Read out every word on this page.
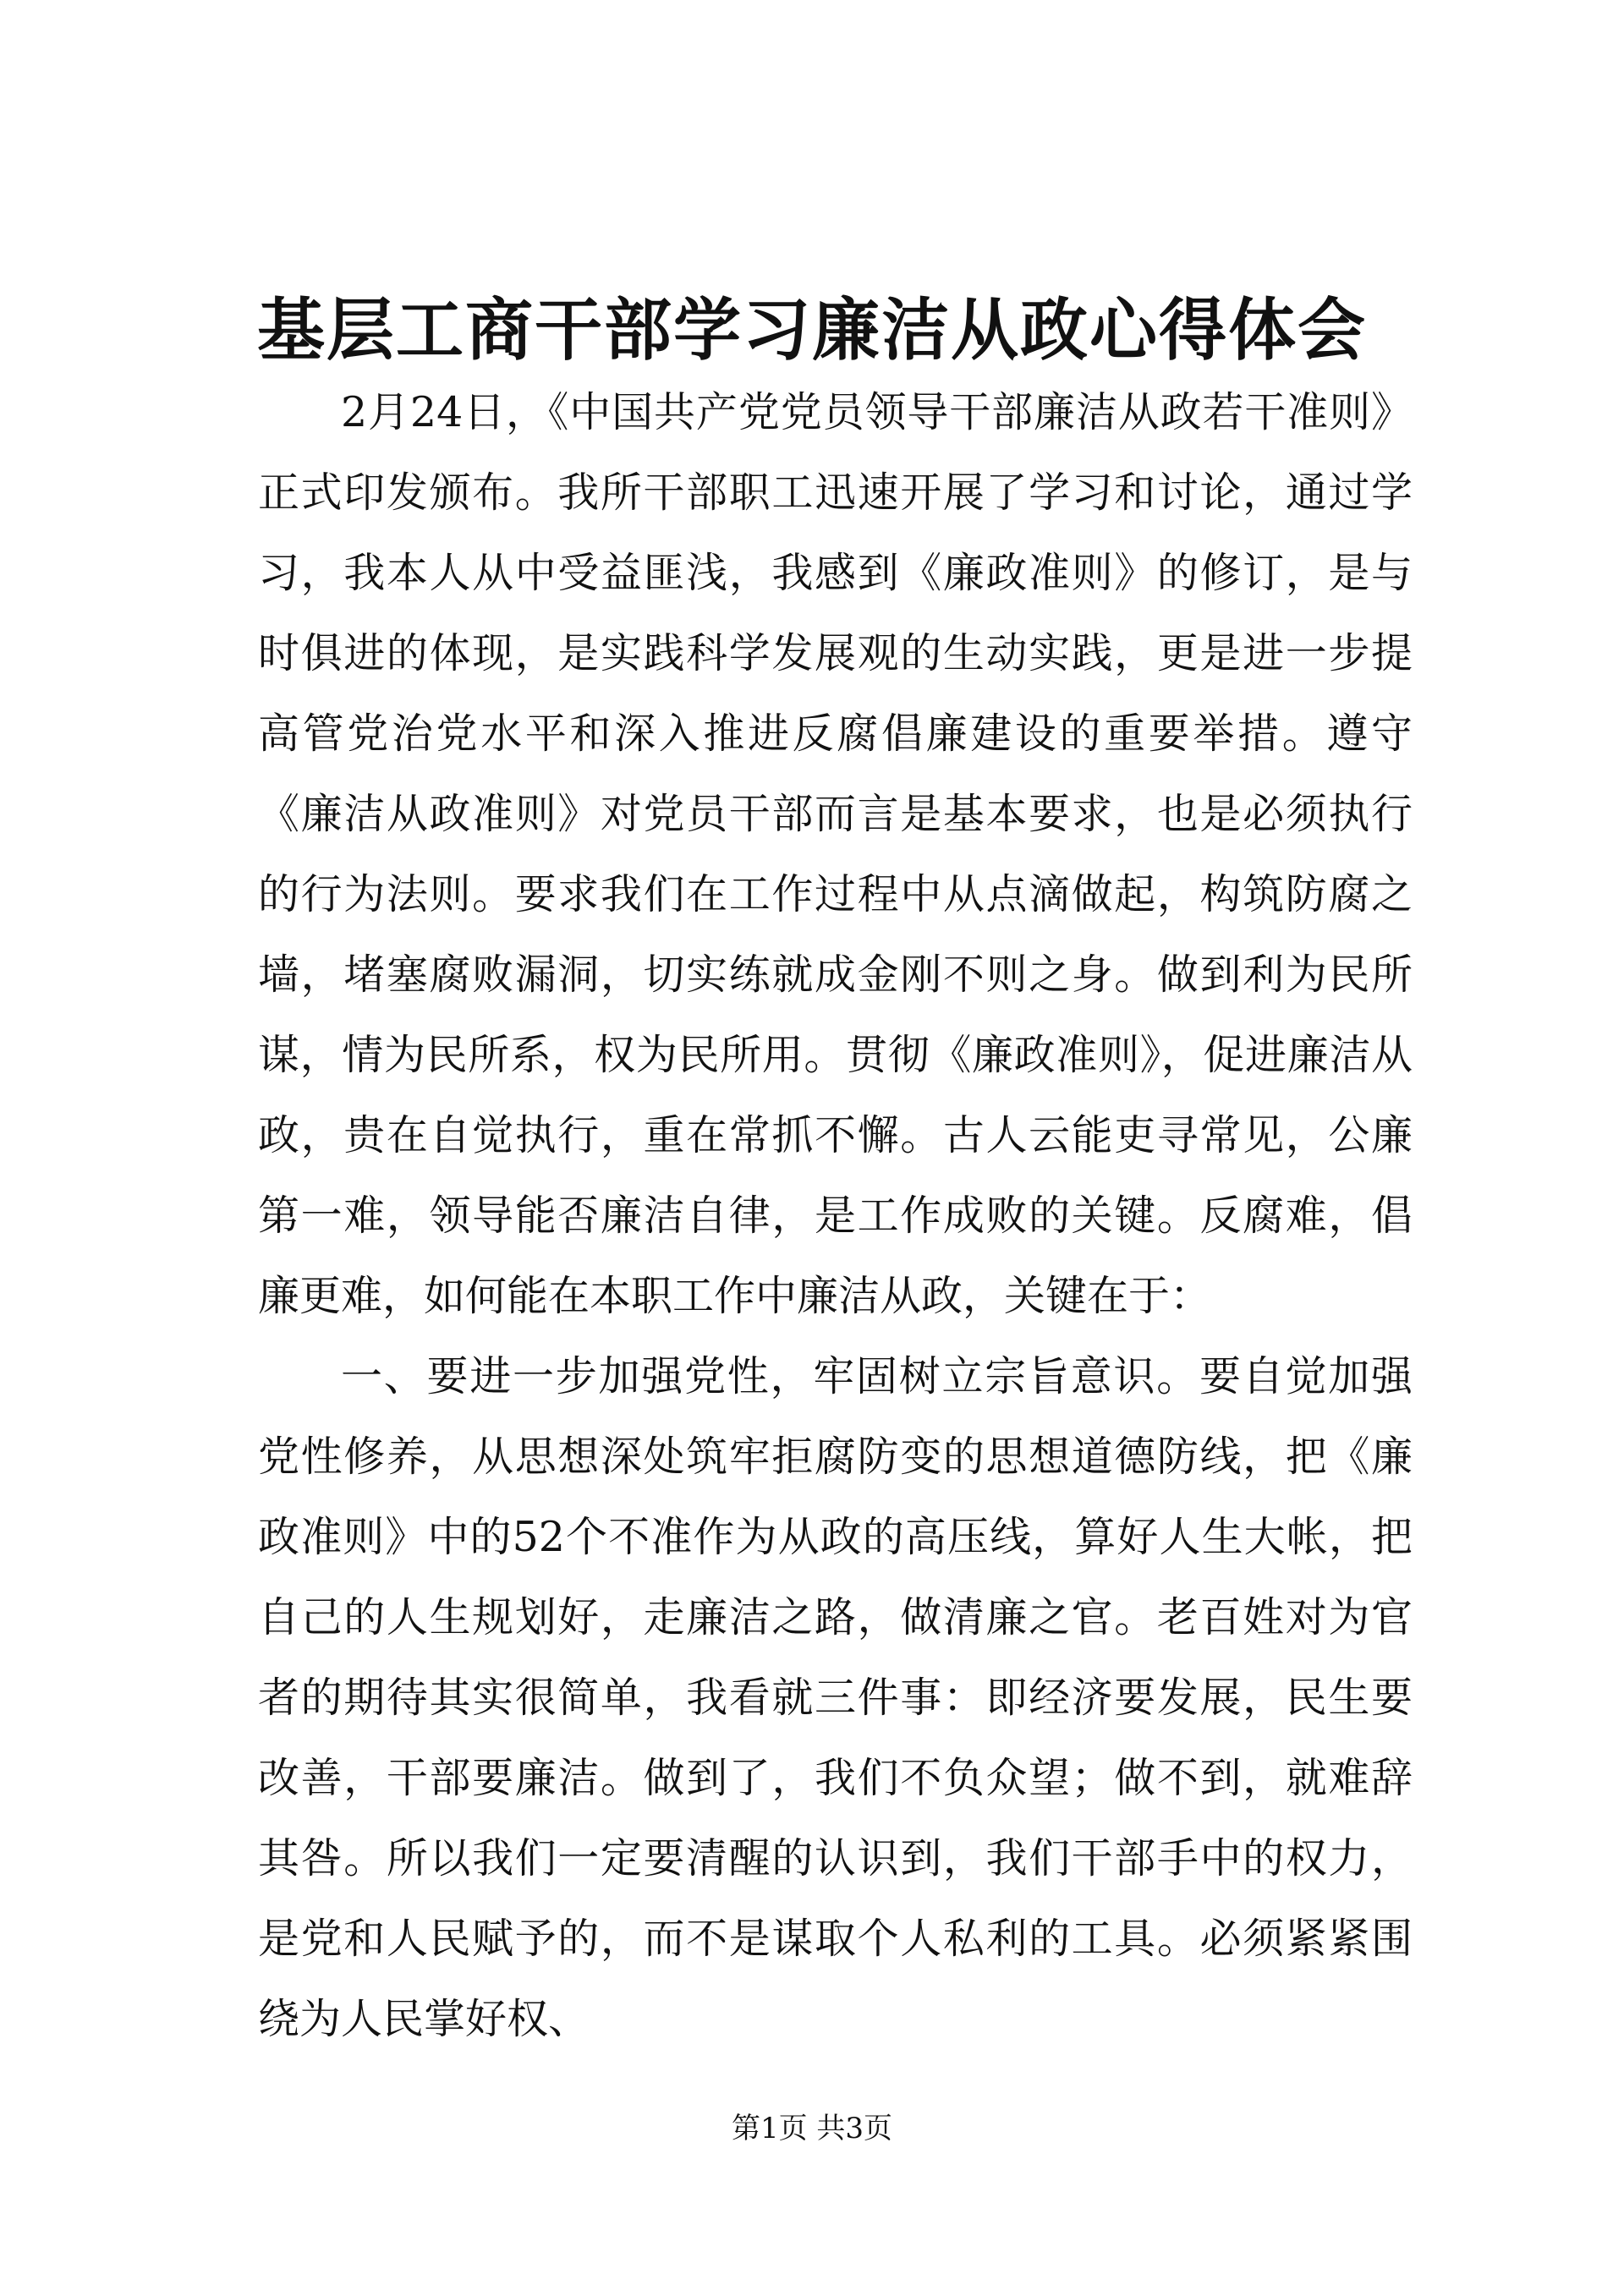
基层工商干部学习廉洁从政心得体会

2月24日，《中国共产党党员领导干部廉洁从政若干准则》正式印发颁布。我所干部职工迅速开展了学习和讨论，通过学习，我本人从中受益匪浅，我感到《廉政准则》的修订，是与时俱进的体现，是实践科学发展观的生动实践，更是进一步提高管党治党水平和深入推进反腐倡廉建设的重要举措。遵守《廉洁从政准则》对党员干部而言是基本要求，也是必须执行的行为法则。要求我们在工作过程中从点滴做起，构筑防腐之墙，堵塞腐败漏洞，切实练就成金刚不则之身。做到利为民所谋，情为民所系，权为民所用。贯彻《廉政准则》，促进廉洁从政，贵在自觉执行，重在常抓不懈。古人云能吏寻常见，公廉第一难，领导能否廉洁自律，是工作成败的关键。反腐难，倡廉更难，如何能在本职工作中廉洁从政，关键在于：

一、要进一步加强党性，牢固树立宗旨意识。要自觉加强党性修养，从思想深处筑牢拒腐防变的思想道德防线，把《廉政准则》中的52个不准作为从政的高压线，算好人生大帐，把自己的人生规划好，走廉洁之路，做清廉之官。老百姓对为官者的期待其实很简单，我看就三件事：即经济要发展，民生要改善，干部要廉洁。做到了，我们不负众望；做不到，就难辞其咎。所以我们一定要清醒的认识到，我们干部手中的权力，是党和人民赋予的，而不是谋取个人私利的工具。必须紧紧围绕为人民掌好权、

第1页 共3页
